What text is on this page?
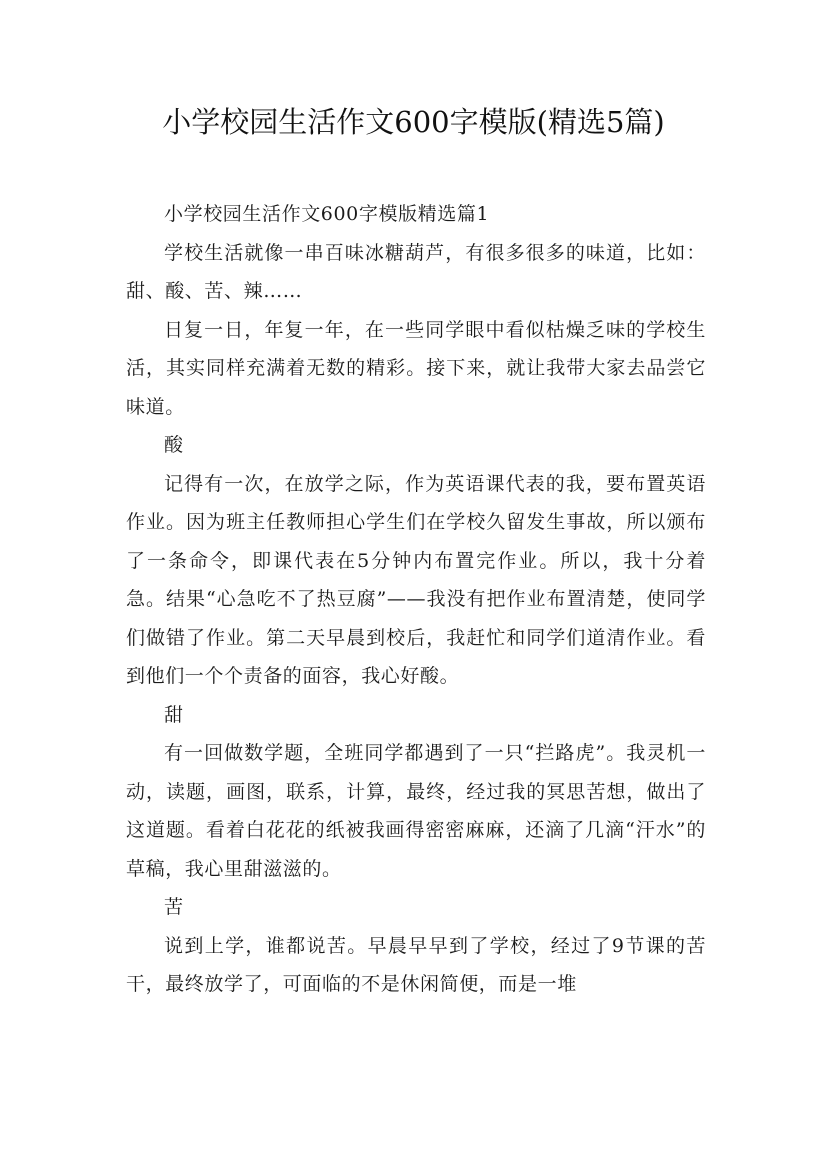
小学校园生活作文600字模版(精选5篇)

小学校园生活作文600字模版精选篇1

学校生活就像一串百味冰糖葫芦，有很多很多的味道，比如：甜、酸、苦、辣……

日复一日，年复一年，在一些同学眼中看似枯燥乏味的学校生活，其实同样充满着无数的精彩。接下来，就让我带大家去品尝它味道。

酸

记得有一次，在放学之际，作为英语课代表的我，要布置英语作业。因为班主任教师担心学生们在学校久留发生事故，所以颁布了一条命令，即课代表在5分钟内布置完作业。所以，我十分着急。结果“心急吃不了热豆腐”——我没有把作业布置清楚，使同学们做错了作业。第二天早晨到校后，我赶忙和同学们道清作业。看到他们一个个责备的面容，我心好酸。

甜

有一回做数学题，全班同学都遇到了一只“拦路虎”。我灵机一动，读题，画图，联系，计算，最终，经过我的冥思苦想，做出了这道题。看着白花花的纸被我画得密密麻麻，还滴了几滴“汗水”的草稿，我心里甜滋滋的。

苦

说到上学，谁都说苦。早晨早早到了学校，经过了9节课的苦干，最终放学了，可面临的不是休闲简便，而是一堆
